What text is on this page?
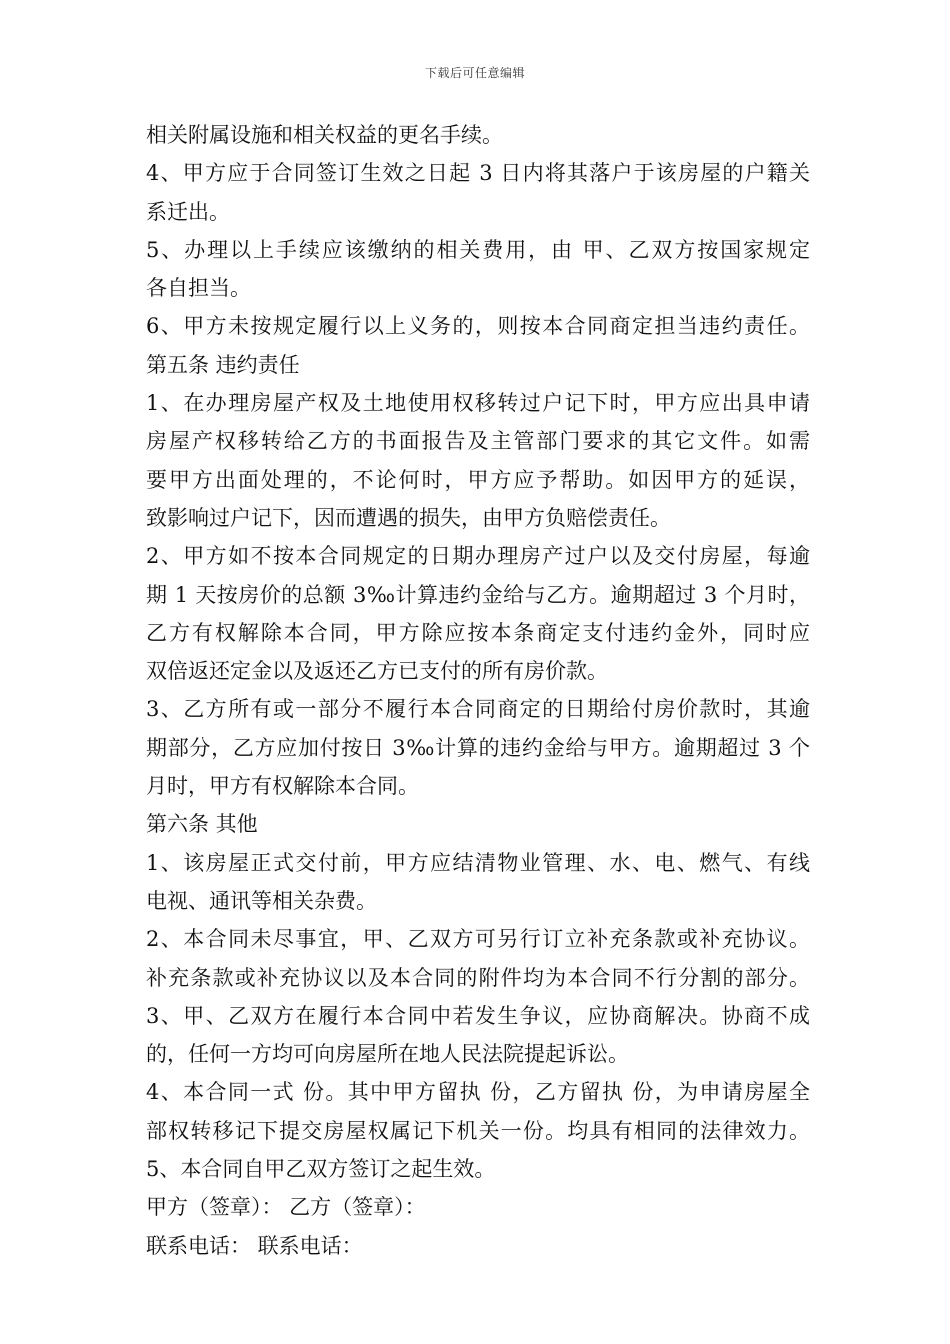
下载后可任意编辑
相关附属设施和相关权益的更名手续。
4、甲方应于合同签订生效之日起 3 日内将其落户于该房屋的户籍关
系迁出。
5、办理以上手续应该缴纳的相关费用，由 甲、乙双方按国家规定
各自担当。
6、甲方未按规定履行以上义务的，则按本合同商定担当违约责任。
第五条 违约责任
1、在办理房屋产权及土地使用权移转过户记下时，甲方应出具申请
房屋产权移转给乙方的书面报告及主管部门要求的其它文件。如需
要甲方出面处理的，不论何时，甲方应予帮助。如因甲方的延误，
致影响过户记下，因而遭遇的损失，由甲方负赔偿责任。
2、甲方如不按本合同规定的日期办理房产过户以及交付房屋，每逾
期 1 天按房价的总额 3‰计算违约金给与乙方。逾期超过 3 个月时，
乙方有权解除本合同，甲方除应按本条商定支付违约金外，同时应
双倍返还定金以及返还乙方已支付的所有房价款。
3、乙方所有或一部分不履行本合同商定的日期给付房价款时，其逾
期部分，乙方应加付按日 3‰计算的违约金给与甲方。逾期超过 3 个
月时，甲方有权解除本合同。
第六条 其他
1、该房屋正式交付前，甲方应结清物业管理、水、电、燃气、有线
电视、通讯等相关杂费。
2、本合同未尽事宜，甲、乙双方可另行订立补充条款或补充协议。
补充条款或补充协议以及本合同的附件均为本合同不行分割的部分。
3、甲、乙双方在履行本合同中若发生争议，应协商解决。协商不成
的，任何一方均可向房屋所在地人民法院提起诉讼。
4、本合同一式 份。其中甲方留执 份，乙方留执 份，为申请房屋全
部权转移记下提交房屋权属记下机关一份。均具有相同的法律效力。
5、本合同自甲乙双方签订之起生效。
甲方（签章）： 乙方（签章）：
联系电话： 联系电话：
